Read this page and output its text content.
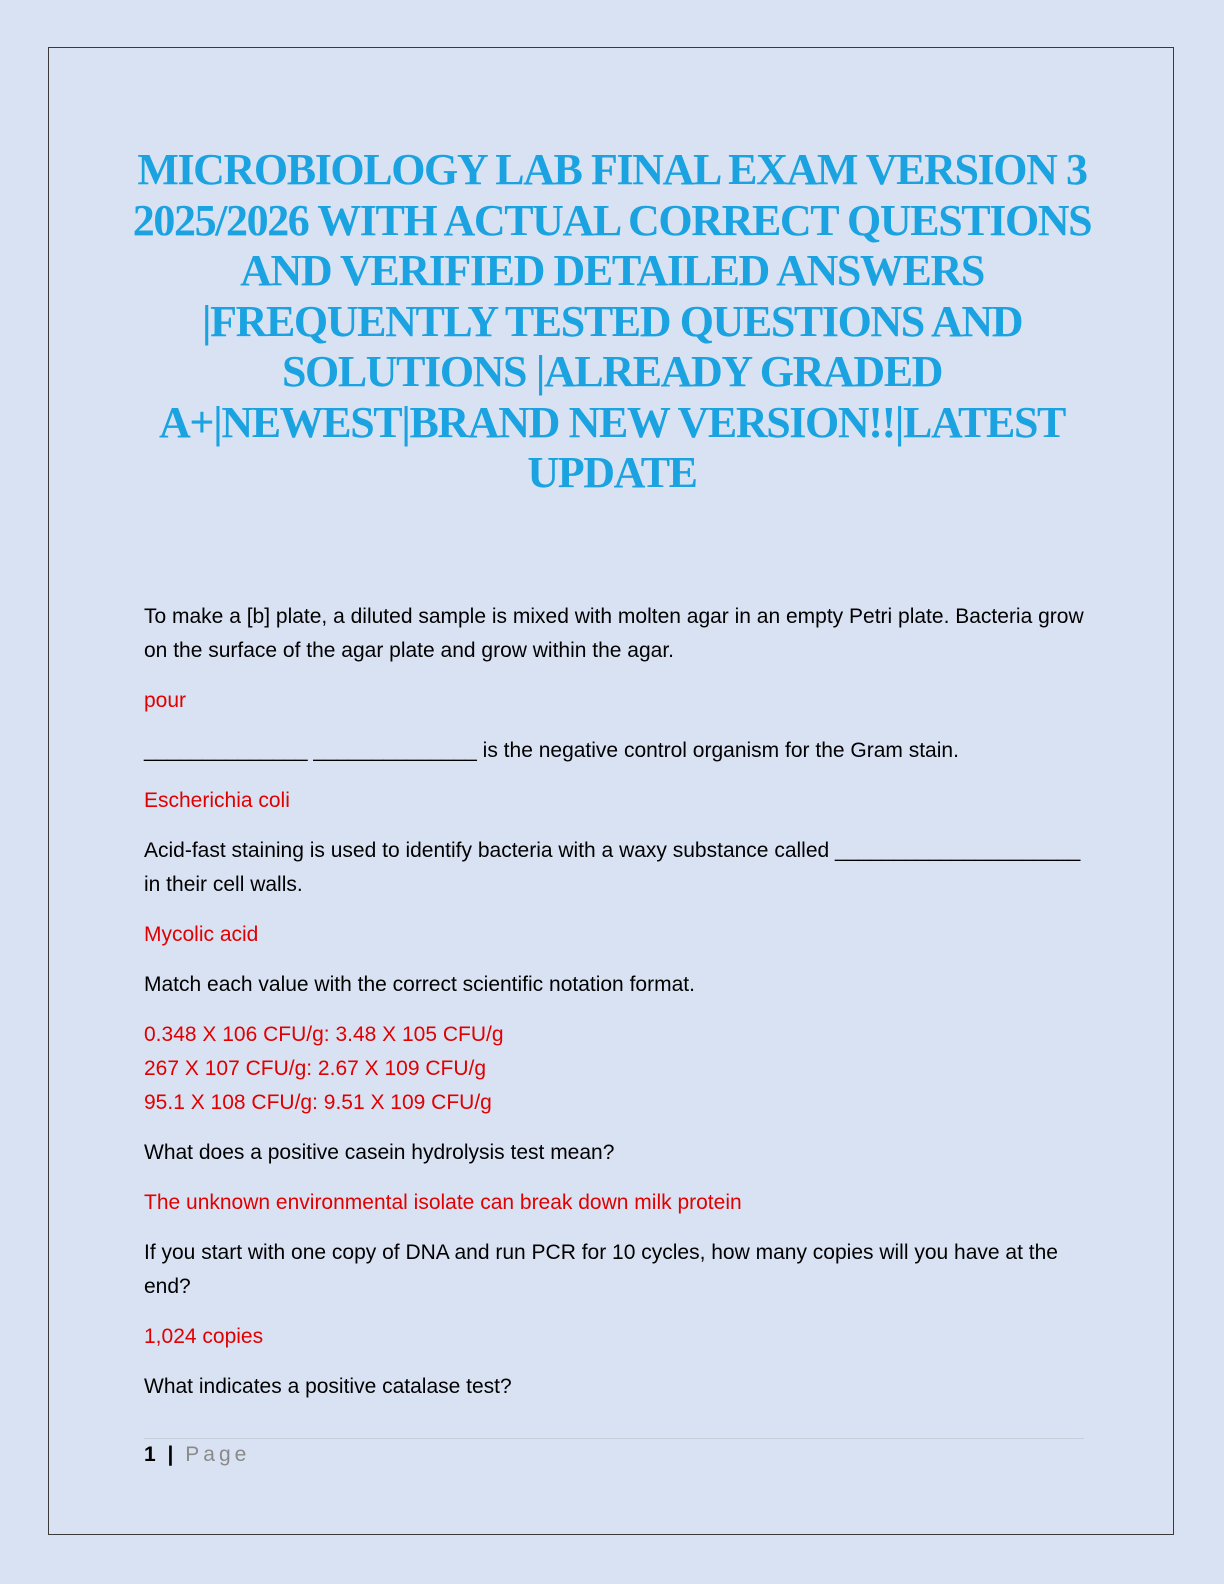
MICROBIOLOGY LAB FINAL EXAM VERSION 3 2025/2026 WITH ACTUAL CORRECT QUESTIONS AND VERIFIED DETAILED ANSWERS |FREQUENTLY TESTED QUESTIONS AND SOLUTIONS |ALREADY GRADED A+|NEWEST|BRAND NEW VERSION!!|LATEST UPDATE

To make a [b] plate, a diluted sample is mixed with molten agar in an empty Petri plate. Bacteria grow on the surface of the agar plate and grow within the agar.

pour

______________ ______________ is the negative control organism for the Gram stain.

Escherichia coli

Acid-fast staining is used to identify bacteria with a waxy substance called _____________________ in their cell walls.

Mycolic acid

Match each value with the correct scientific notation format.

0.348 X 106 CFU/g: 3.48 X 105 CFU/g
267 X 107 CFU/g: 2.67 X 109 CFU/g
95.1 X 108 CFU/g: 9.51 X 109 CFU/g

What does a positive casein hydrolysis test mean?

The unknown environmental isolate can break down milk protein

If you start with one copy of DNA and run PCR for 10 cycles, how many copies will you have at the end?

1,024 copies

What indicates a positive catalase test?

1 | Page
